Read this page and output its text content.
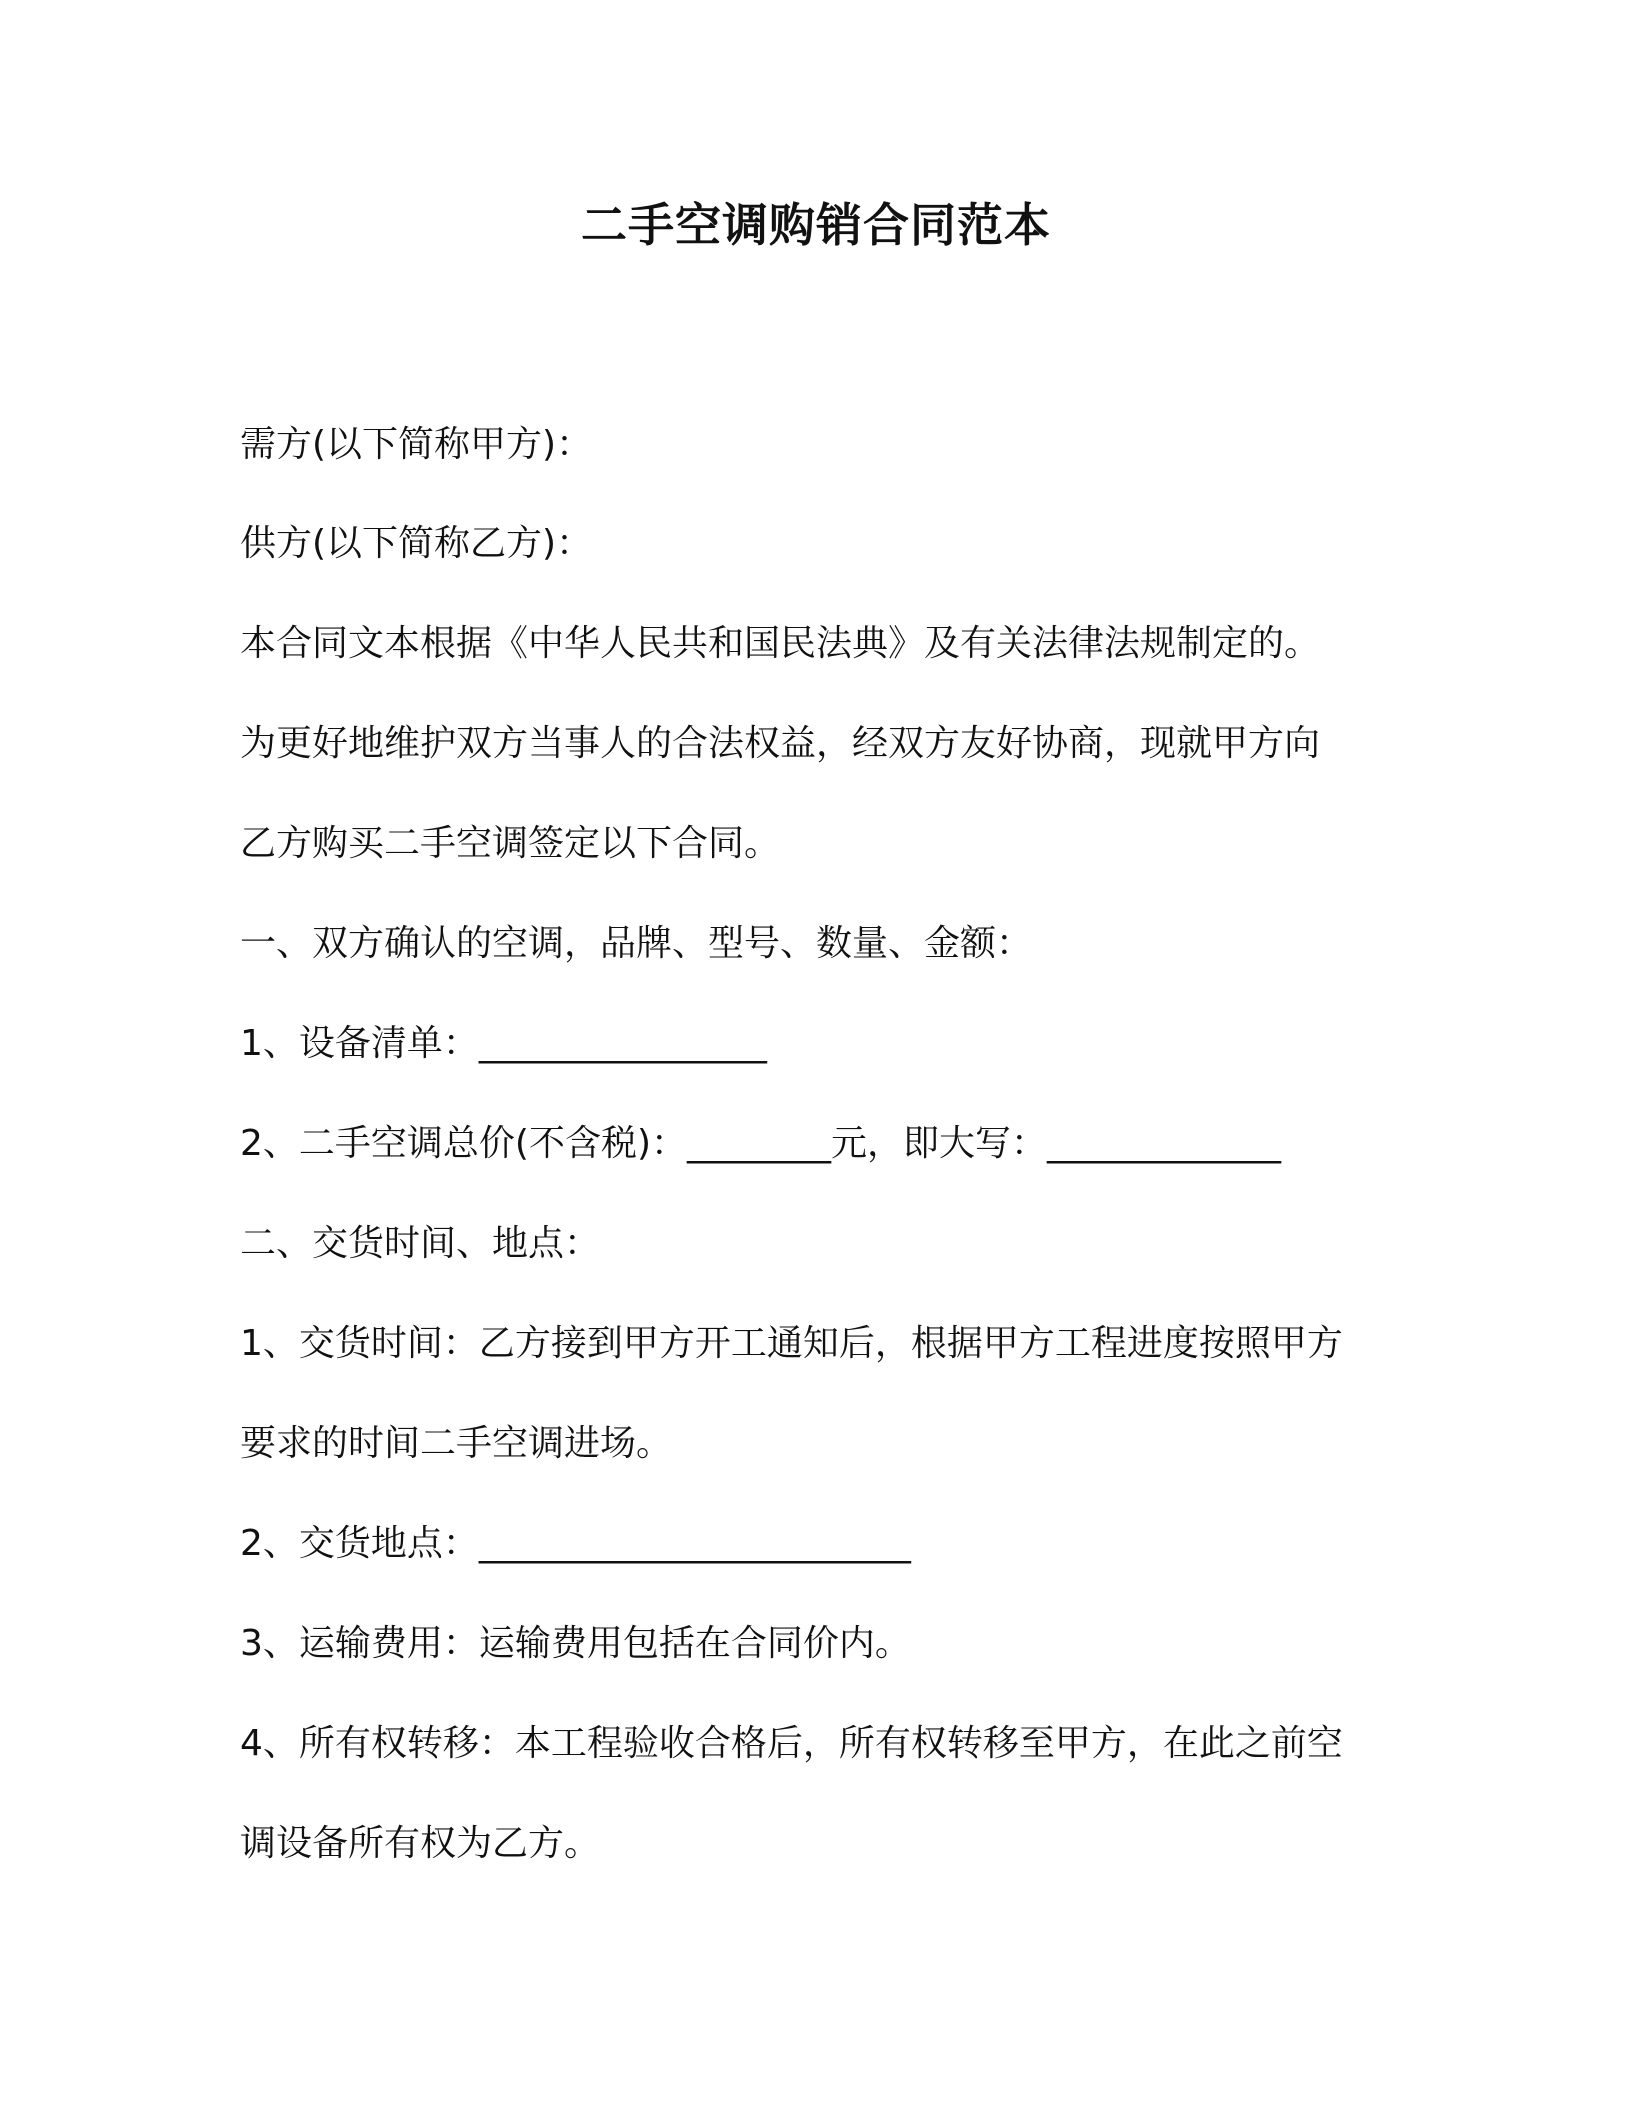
二手空调购销合同范本

需方(以下简称甲方)：

供方(以下简称乙方)：

本合同文本根据《中华人民共和国民法典》及有关法律法规制定的。

为更好地维护双方当事人的合法权益，经双方友好协商，现就甲方向

乙方购买二手空调签定以下合同。

一、双方确认的空调，品牌、型号、数量、金额：

1、设备清单：________________

2、二手空调总价(不含税)：________元，即大写：_____________

二、交货时间、地点：

1、交货时间：乙方接到甲方开工通知后，根据甲方工程进度按照甲方

要求的时间二手空调进场。

2、交货地点：________________________

3、运输费用：运输费用包括在合同价内。

4、所有权转移：本工程验收合格后，所有权转移至甲方，在此之前空

调设备所有权为乙方。
